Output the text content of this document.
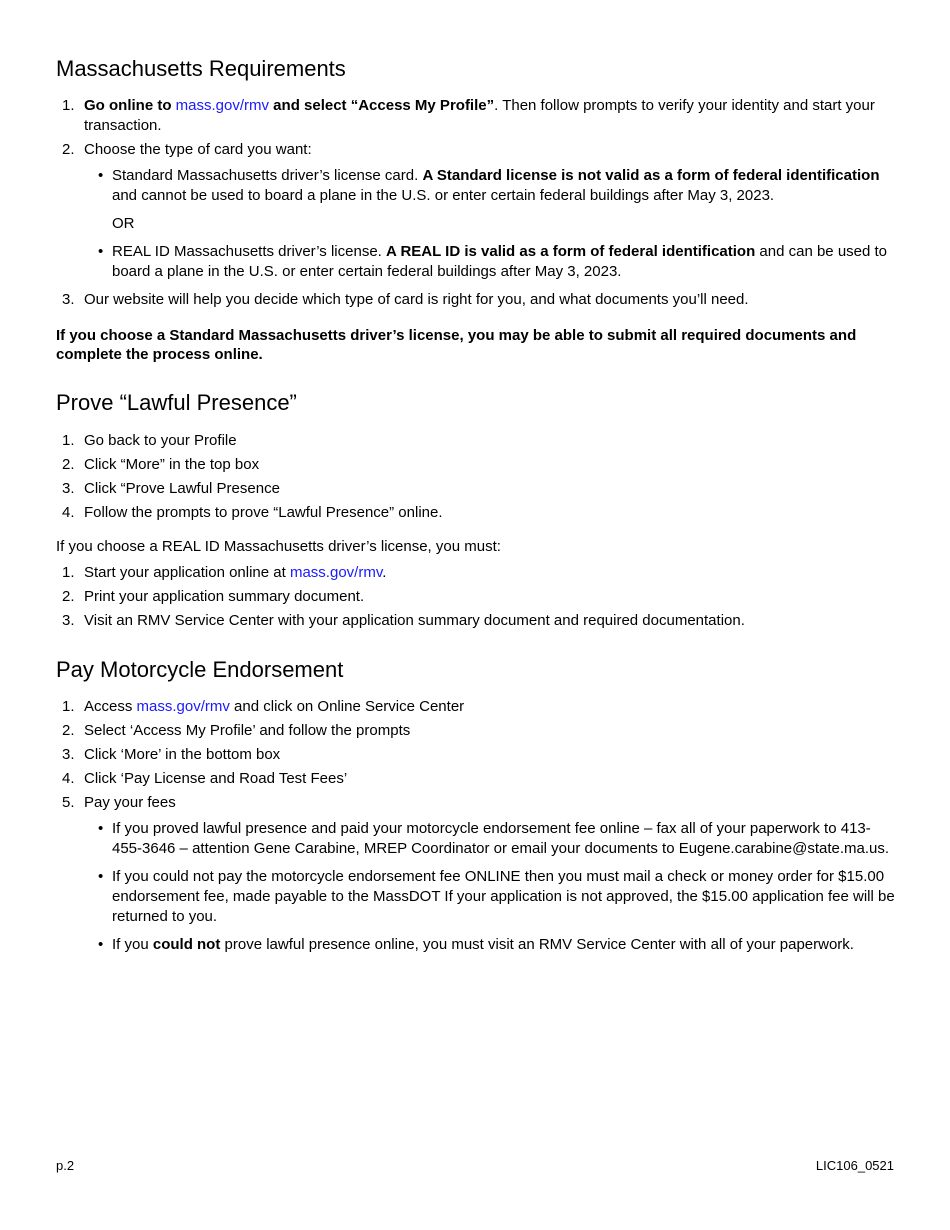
Massachusetts Requirements
1. Go online to mass.gov/rmv and select “Access My Profile”. Then follow prompts to verify your identity and start your transaction.
2. Choose the type of card you want:
• Standard Massachusetts driver’s license card. A Standard license is not valid as a form of federal identification and cannot be used to board a plane in the U.S. or enter certain federal buildings after May 3, 2023.
OR
• REAL ID Massachusetts driver’s license. A REAL ID is valid as a form of federal identification and can be used to board a plane in the U.S. or enter certain federal buildings after May 3, 2023.
3. Our website will help you decide which type of card is right for you, and what documents you’ll need.

If you choose a Standard Massachusetts driver’s license, you may be able to submit all required documents and complete the process online.

Prove “Lawful Presence”
1. Go back to your Profile
2. Click “More” in the top box
3. Click “Prove Lawful Presence
4. Follow the prompts to prove “Lawful Presence” online.

If you choose a REAL ID Massachusetts driver’s license, you must:

1. Start your application online at mass.gov/rmv.
2. Print your application summary document.
3. Visit an RMV Service Center with your application summary document and required documentation.
Pay Motorcycle Endorsement
1. Access mass.gov/rmv and click on Online Service Center
2. Select ‘Access My Profile’ and follow the prompts
3. Click ‘More’ in the bottom box
4. Click ‘Pay License and Road Test Fees’
5. Pay your fees
• If you proved lawful presence and paid your motorcycle endorsement fee online – fax all of your paperwork to 413-455-3646 – attention Gene Carabine, MREP Coordinator or email your documents to Eugene.carabine@state.ma.us.
• If you could not pay the motorcycle endorsement fee ONLINE then you must mail a check or money order for $15.00 endorsement fee, made payable to the MassDOT If your application is not approved, the $15.00 application fee will be returned to you.
• If you could not prove lawful presence online, you must visit an RMV Service Center with all of your paperwork.
p.2	LIC106_0521
